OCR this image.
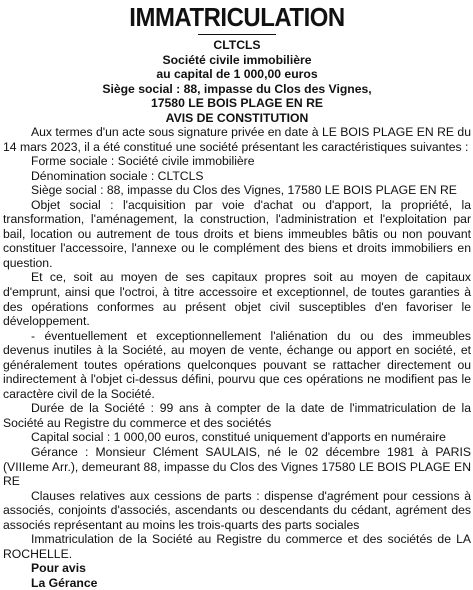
IMMATRICULATION
CLTCLS
Société civile immobilière
au capital de 1 000,00 euros
Siège social : 88, impasse du Clos des Vignes,
17580 LE BOIS PLAGE EN RE
AVIS DE CONSTITUTION

Aux termes d'un acte sous signature privée en date à LE BOIS PLAGE EN RE du 14 mars 2023, il a été constitué une société présentant les caractéristiques suivantes :

Forme sociale : Société civile immobilière

Dénomination sociale : CLTCLS

Siège social : 88, impasse du Clos des Vignes, 17580 LE BOIS PLAGE EN RE

Objet social : l'acquisition par voie d'achat ou d'apport, la propriété, la transformation, l'aménagement, la construction, l'administration et l'exploitation par bail, location ou autrement de tous droits et biens immeubles bâtis ou non pouvant constituer l'accessoire, l'annexe ou le complément des biens et droits immobiliers en question.

Et ce, soit au moyen de ses capitaux propres soit au moyen de capitaux d'emprunt, ainsi que l'octroi, à titre accessoire et exceptionnel, de toutes garanties à des opérations conformes au présent objet civil susceptibles d'en favoriser le développement.

- éventuellement et exceptionnellement l'aliénation du ou des immeubles devenus inutiles à la Société, au moyen de vente, échange ou apport en société, et généralement toutes opérations quelconques pouvant se rattacher directement ou indirectement à l'objet ci-dessus défini, pourvu que ces opérations ne modifient pas le caractère civil de la Société.

Durée de la Société : 99 ans à compter de la date de l'immatriculation de la Société au Registre du commerce et des sociétés

Capital social : 1 000,00 euros, constitué uniquement d'apports en numéraire

Gérance : Monsieur Clément SAULAIS, né le 02 décembre 1981 à PARIS (VIIIeme Arr.), demeurant 88, impasse du Clos des Vignes 17580 LE BOIS PLAGE EN RE

Clauses relatives aux cessions de parts : dispense d'agrément pour cessions à associés, conjoints d'associés, ascendants ou descendants du cédant, agrément des associés représentant au moins les trois-quarts des parts sociales

Immatriculation de la Société au Registre du commerce et des sociétés de LA ROCHELLE.

Pour avis
La Gérance
